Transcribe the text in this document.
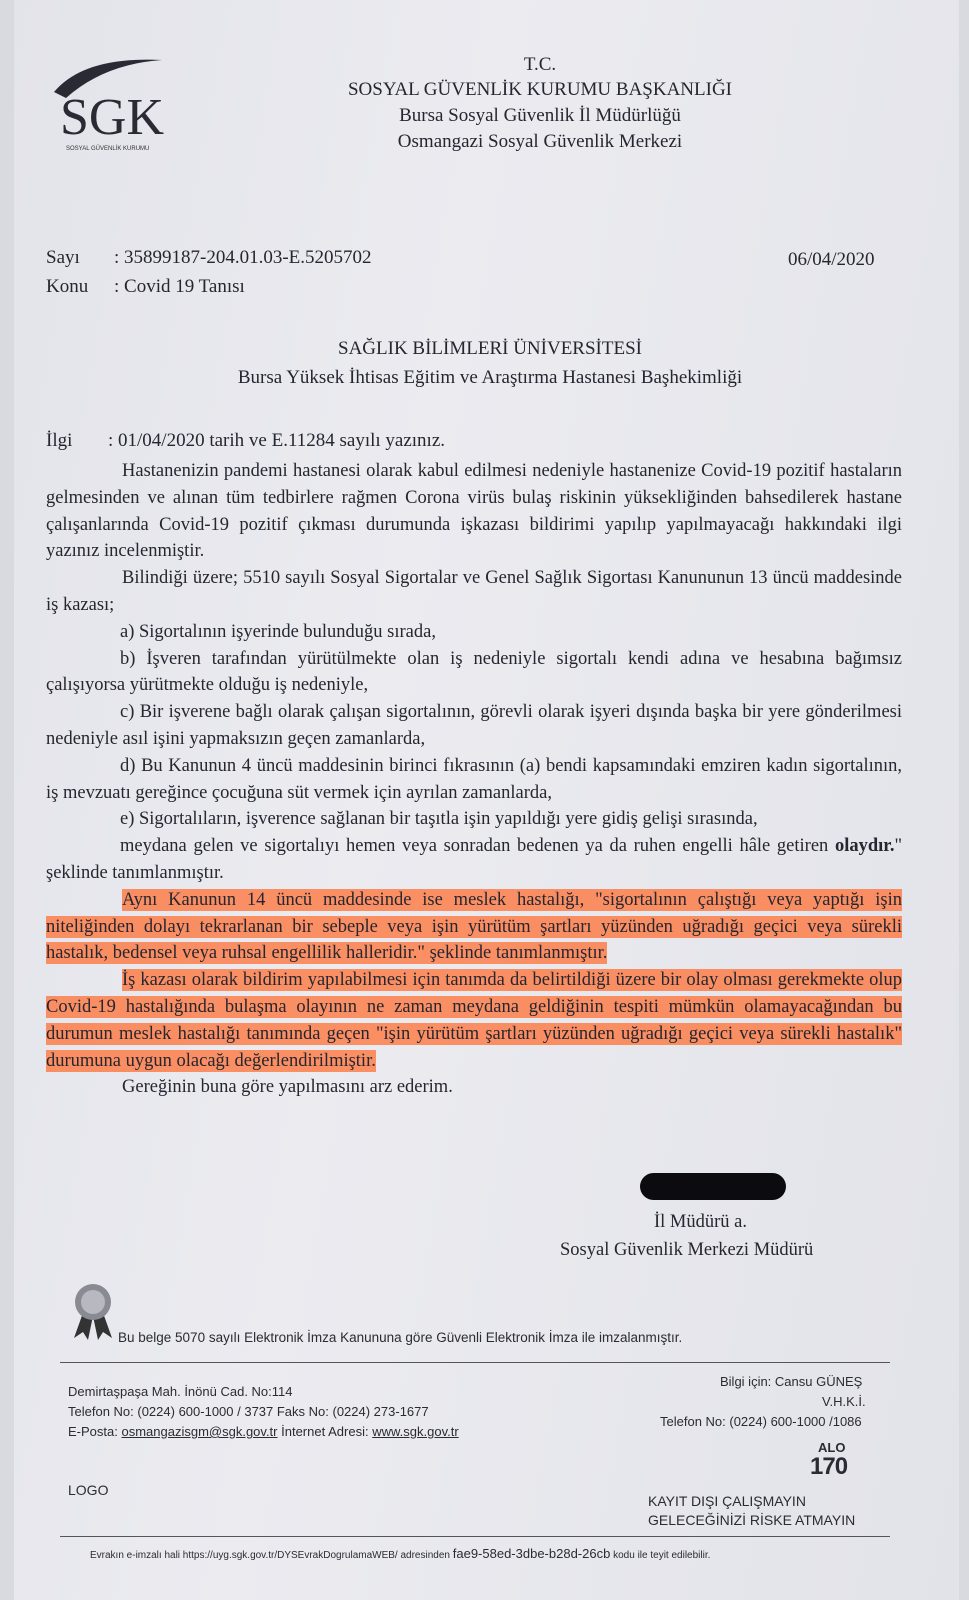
SGK
SOSYAL GÜVENLİK KURUMU
T.C.
SOSYAL GÜVENLİK KURUMU BAŞKANLIĞI
Bursa Sosyal Güvenlik İl Müdürlüğü
Osmangazi Sosyal Güvenlik Merkezi
Sayı : 35899187-204.01.03-E.5205702	06/04/2020
Konu : Covid 19 Tanısı
SAĞLIK BİLİMLERİ ÜNİVERSİTESİ
Bursa Yüksek İhtisas Eğitim ve Araştırma Hastanesi Başhekimliği
İlgi : 01/04/2020 tarih ve E.11284 sayılı yazınız.

Hastanenizin pandemi hastanesi olarak kabul edilmesi nedeniyle hastanenize Covid-19 pozitif hastaların gelmesinden ve alınan tüm tedbirlere rağmen Corona virüs bulaş riskinin yüksekliğinden bahsedilerek hastane çalışanlarında Covid-19 pozitif çıkması durumunda işkazası bildirimi yapılıp yapılmayacağı hakkındaki ilgi yazınız incelenmiştir.

Bilindiği üzere; 5510 sayılı Sosyal Sigortalar ve Genel Sağlık Sigortası Kanununun 13 üncü maddesinde iş kazası;

a) Sigortalının işyerinde bulunduğu sırada,

b) İşveren tarafından yürütülmekte olan iş nedeniyle sigortalı kendi adına ve hesabına bağımsız çalışıyorsa yürütmekte olduğu iş nedeniyle,

c) Bir işverene bağlı olarak çalışan sigortalının, görevli olarak işyeri dışında başka bir yere gönderilmesi nedeniyle asıl işini yapmaksızın geçen zamanlarda,

d) Bu Kanunun 4 üncü maddesinin birinci fıkrasının (a) bendi kapsamındaki emziren kadın sigortalının, iş mevzuatı gereğince çocuğuna süt vermek için ayrılan zamanlarda,

e) Sigortalıların, işverence sağlanan bir taşıtla işin yapıldığı yere gidiş gelişi sırasında,

meydana gelen ve sigortalıyı hemen veya sonradan bedenen ya da ruhen engelli hâle getiren olaydır." şeklinde tanımlanmıştır.

Aynı Kanunun 14 üncü maddesinde ise meslek hastalığı, "sigortalının çalıştığı veya yaptığı işin niteliğinden dolayı tekrarlanan bir sebeple veya işin yürütüm şartları yüzünden uğradığı geçici veya sürekli hastalık, bedensel veya ruhsal engellilik halleridir." şeklinde tanımlanmıştır.

İş kazası olarak bildirim yapılabilmesi için tanımda da belirtildiği üzere bir olay olması gerekmekte olup Covid-19 hastalığında bulaşma olayının ne zaman meydana geldiğinin tespiti mümkün olamayacağından bu durumun meslek hastalığı tanımında geçen "işin yürütüm şartları yüzünden uğradığı geçici veya sürekli hastalık" durumuna uygun olacağı değerlendirilmiştir.

Gereğinin buna göre yapılmasını arz ederim.

İl Müdürü a.
Sosyal Güvenlik Merkezi Müdürü
Bu belge 5070 sayılı Elektronik İmza Kanununa göre Güvenli Elektronik İmza ile imzalanmıştır.
Demirtaşpaşa Mah. İnönü Cad. No:114
Telefon No: (0224) 600-1000 / 3737 Faks No: (0224) 273-1677
E-Posta: osmangazisgm@sgk.gov.tr İnternet Adresi: www.sgk.gov.tr
Bilgi için: Cansu GÜNEŞ
V.H.K.İ.
Telefon No: (0224) 600-1000 /1086
ALO
170
LOGO
KAYIT DIŞI ÇALIŞMAYIN
GELECEĞİNİZİ RİSKE ATMAYIN
Evrakın e-imzalı hali https://uyg.sgk.gov.tr/DYSEvrakDogrulamaWEB/ adresinden fae9-58ed-3dbe-b28d-26cb kodu ile teyit edilebilir.
